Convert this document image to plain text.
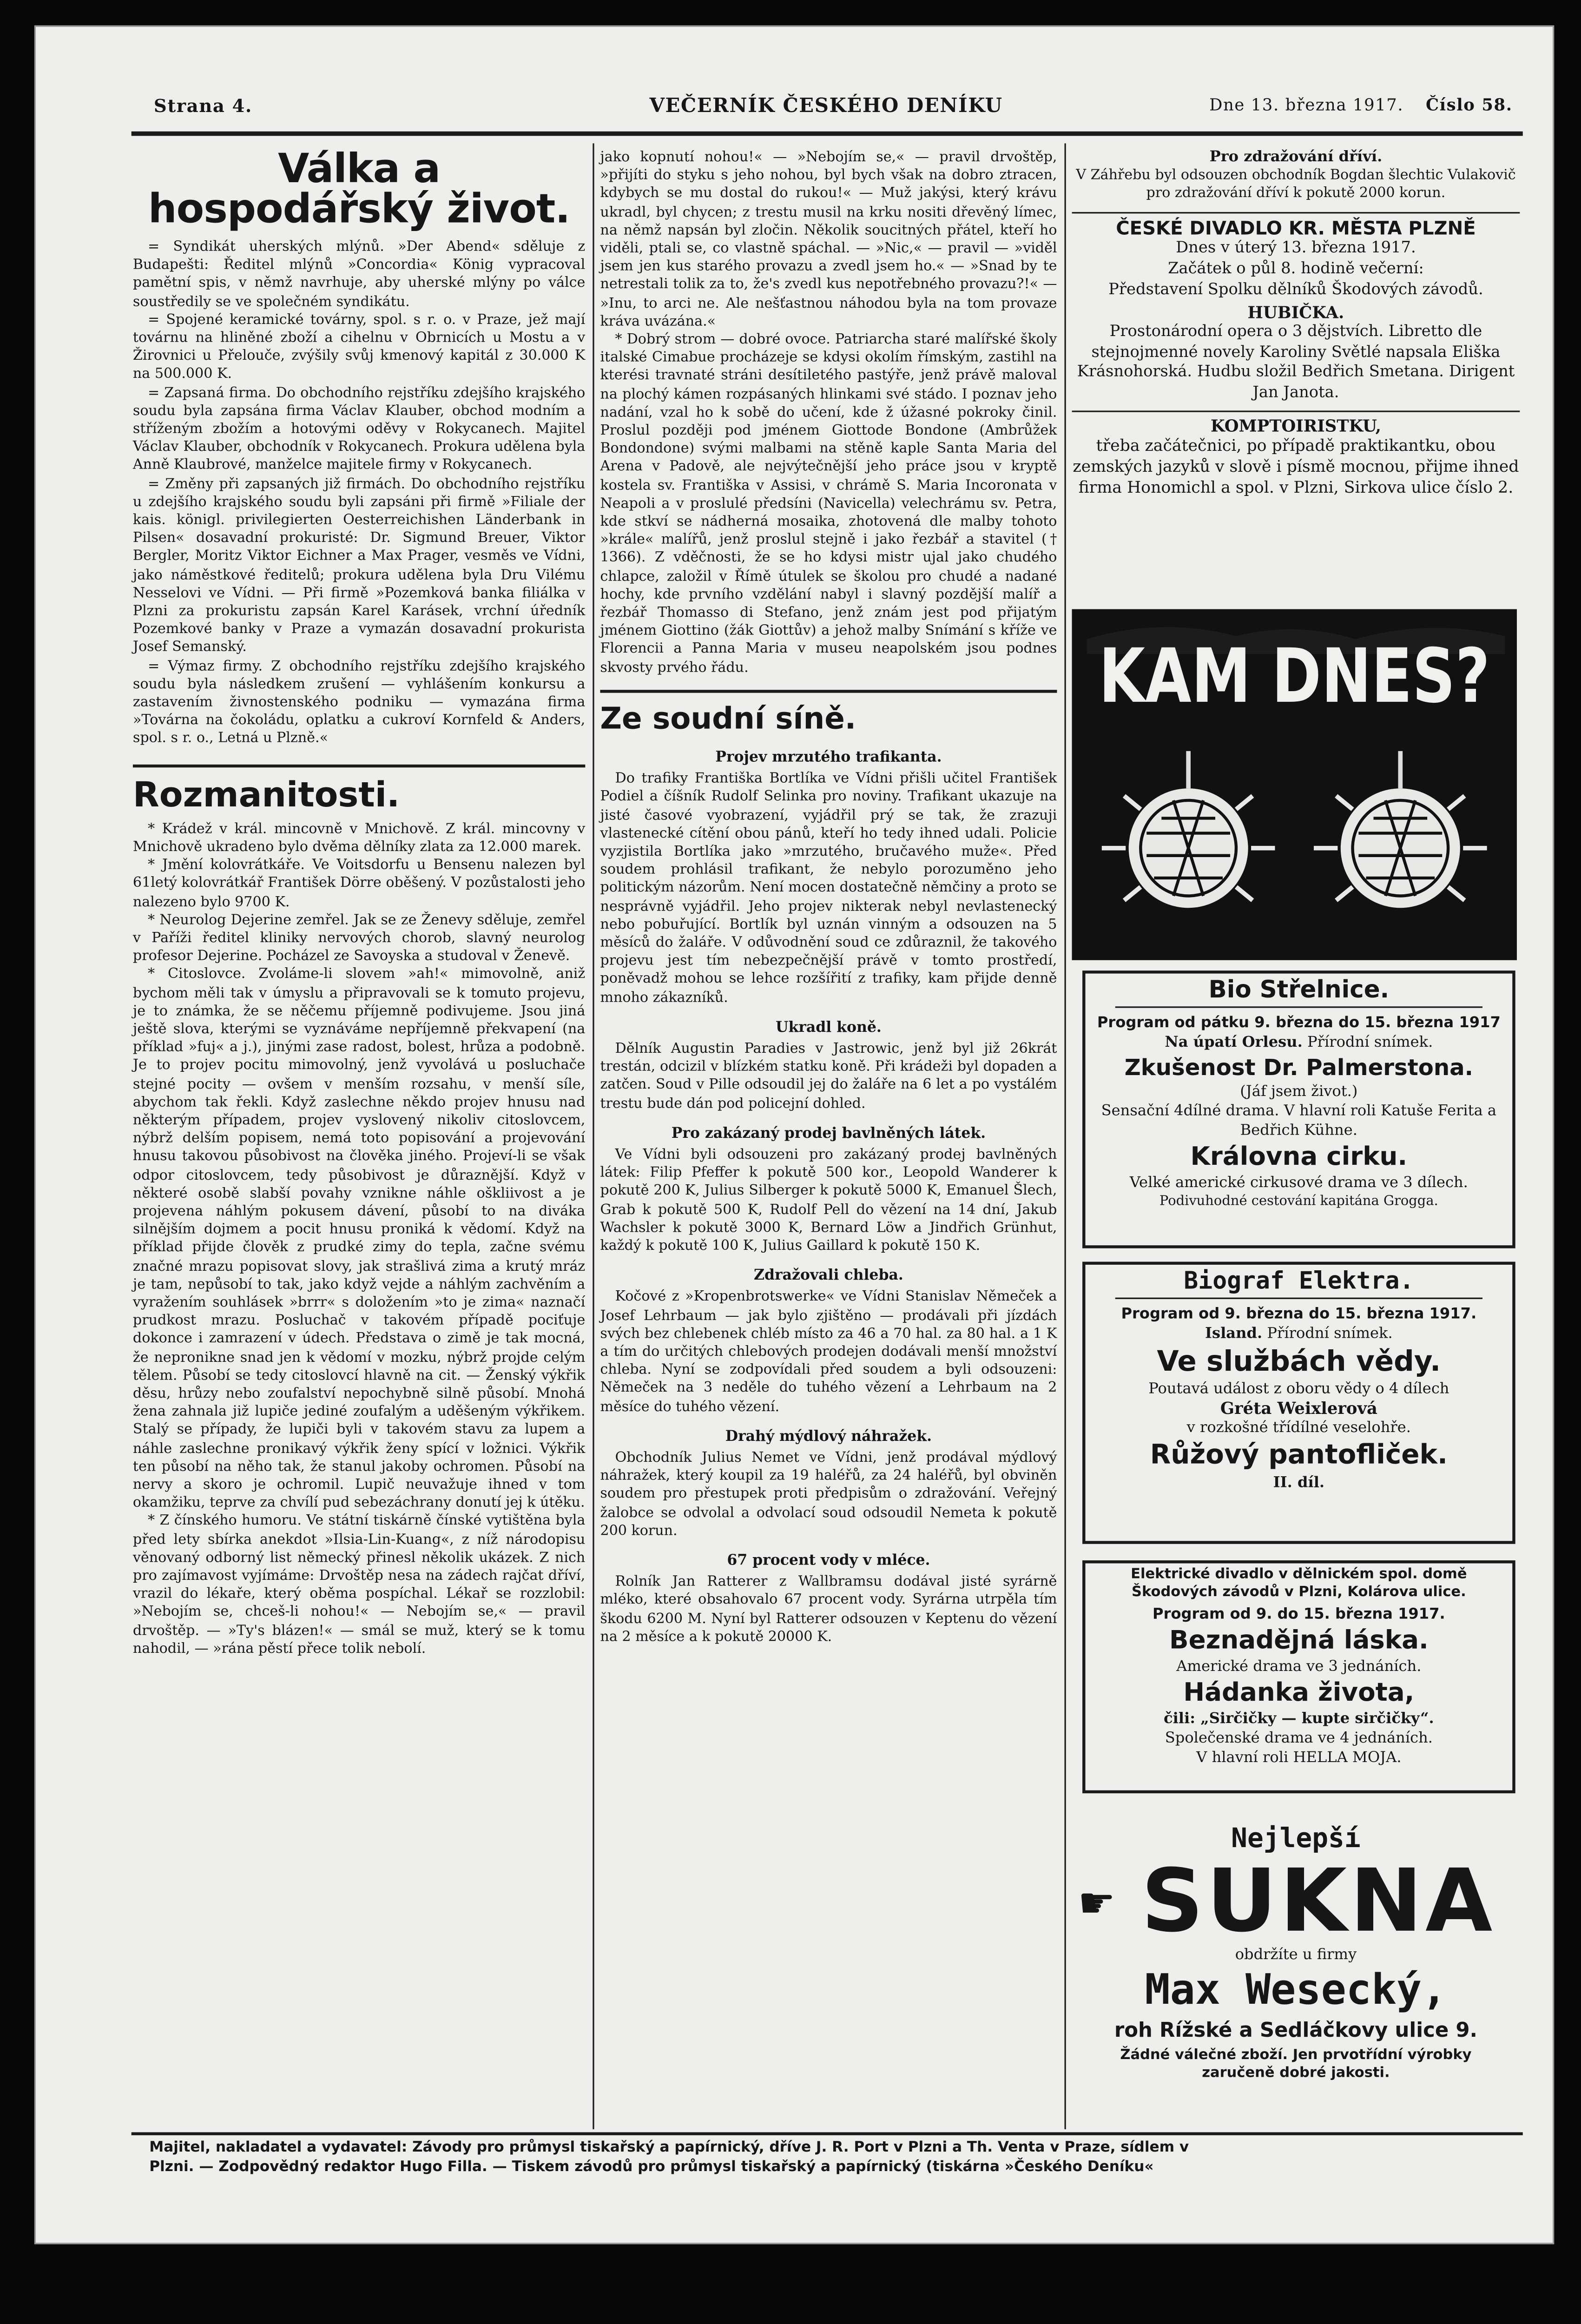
Strana 4.	VEČERNÍK ČESKÉHO DENÍKU	Dne 13. března 1917.	Číslo 58.
Válka a hospodářský život.

= Syndikát uherských mlýnů. »Der Abend« sděluje z Budapešti: Ředitel mlýnů »Concordia« König vypracoval pamětní spis, v němž navrhuje, aby uherské mlýny po válce soustředily se ve společném syndikátu.

= Spojené keramické továrny, spol. s r. o. v Praze, jež mají továrnu na hliněné zboží a cihelnu v Obrnicích u Mostu a v Žirovnici u Přelouče, zvýšily svůj kmenový kapitál z 30.000 K na 500.000 K.

= Zapsaná firma. Do obchodního rejstříku zdejšího krajského soudu byla zapsána firma Václav Klauber, obchod modním a stříženým zbožím a hotovými oděvy v Rokycanech. Majitel Václav Klauber, obchodník v Rokycanech. Prokura udělena byla Anně Klaubrové, manželce majitele firmy v Rokycanech.

= Změny při zapsaných již firmách. Do obchodního rejstříku u zdejšího krajského soudu byli zapsáni při firmě »Filiale der kais. königl. privilegierten Oesterreichishen Länderbank in Pilsen« dosavadní prokuristé: Dr. Sigmund Breuer, Viktor Bergler, Moritz Viktor Eichner a Max Prager, vesměs ve Vídni, jako náměstkové ředitelů; prokura udělena byla Dru Vilému Nesselovi ve Vídni. — Při firmě »Pozemková banka filiálka v Plzni za prokuristu zapsán Karel Karásek, vrchní úředník Pozemkové banky v Praze a vymazán dosavadní prokurista Josef Semanský.

= Výmaz firmy. Z obchodního rejstříku zdejšího krajského soudu byla následkem zrušení — vyhlášením konkursu a zastavením živnostenského podniku — vymazána firma »Továrna na čokoládu, oplatku a cukroví Kornfeld & Anders, spol. s r. o., Letná u Plzně.«

Rozmanitosti.

* Krádež v král. mincovně v Mnichově. Z král. mincovny v Mnichově ukradeno bylo dvěma dělníky zlata za 12.000 marek.

* Jmění kolovrátkáře. Ve Voitsdorfu u Bensenu nalezen byl 61letý kolovrátkář František Dörre oběšený. V pozůstalosti jeho nalezeno bylo 9700 K.

* Neurolog Dejerine zemřel. Jak se ze Ženevy sděluje, zemřel v Paříži ředitel kliniky nervových chorob, slavný neurolog profesor Dejerine. Pocházel ze Savoyska a studoval v Ženevě.

* Citoslovce. Zvoláme-li slovem »ah!« mimovolně, aniž bychom měli tak v úmyslu a připravovali se k tomuto projevu, je to známka, že se něčemu příjemně podivujeme. Jsou jiná ještě slova, kterými se vyznáváme nepříjemně překvapení (na příklad »fuj« a j.), jinými zase radost, bolest, hrůza a podobně. Je to projev pocitu mimovolný, jenž vyvolává u posluchače stejné pocity — ovšem v menším rozsahu, v menší síle, abychom tak řekli. Když zaslechne někdo projev hnusu nad některým případem, projev vyslovený nikoliv citoslovcem, nýbrž delším popisem, nemá toto popisování a projevování hnusu takovou působivost na člověka jiného. Projeví-li se však odpor citoslovcem, tedy působivost je důraznější. Když v některé osobě slabší povahy vznikne náhle oškliivost a je projevena náhlým pokusem dávení, působí to na divákа silnějším dojmem a pocit hnusu proniká k vědomí. Když na příklad přijde člověk z prudké zimy do tepla, začne svému značné mrazu popisovat slovy, jak strašlivá zima a krutý mráz je tam, nepůsobí to tak, jako když vejde a náhlým zachvěním a vyražením souhlásek »brrr« s doložením »to je zima« naznačí prudkost mrazu. Posluchač v takovém případě pociťuje dokonce i zamrazení v údech. Představa o zimě je tak mocná, že nepronikne snad jen k vědomí v mozku, nýbrž projde celým tělem. Působí se tedy citoslovcí hlavně na cit. — Ženský výkřik děsu, hrůzy nebo zoufalství nepochybně silně působí. Mnohá žena zahnala již lupiče jediné zoufalým a uděšeným výkřikem. Stalý se případy, že lupiči byli v takovém stavu za lupem a náhle zaslechne pronikavý výkřik ženy spící v ložnici. Výkřik ten působí na něho tak, že stanul jakoby ochromen. Působí na nervy a skoro je ochromil. Lupič neuvažuje ihned v tom okamžiku, teprve za chvílí pud sebezáchrany donutí jej k útěku.

* Z čínského humoru. Ve státní tiskárně čínské vytištěna byla před lety sbírka anekdot »Ilsia-Lin-Kuang«, z níž národopisu věnovaný odborný list německý přinesl několik ukázek. Z nich pro zajímavost vyjímáme: Drvoštěp nesa na zádech rajčat dříví, vrazil do lékaře, který oběma pospíchal. Lékař se rozzlobil: »Nebojím se, chceš-li nohou!« — Nebojím se,« — pravil drvoštěp. — »Ty's blázen!« — smál se muž, který se k tomu nahodil, — »rána pěstí přece tolik nebolí.

jako kopnutí nohou!« — »Nebojím se,« — pravil drvoštěp, »přijíti do styku s jeho nohou, byl bych však na dobro ztracen, kdybych se mu dostal do rukou!« — Muž jakýsi, který krávu ukradl, byl chycen; z trestu musil na krku nositi dřevěný límec, na němž napsán byl zločin. Několik soucitných přátel, kteří ho viděli, ptali se, co vlastně spáchal. — »Nic,« — pravil — »viděl jsem jen kus starého provazu a zvedl jsem ho.« — »Snad by te netrestali tolik za to, že's zvedl kus nepotřebného provazu?!« — »Inu, to arci ne. Ale nešťastnou náhodou byla na tom provaze kráva uvázána.«

* Dobrý strom — dobré ovoce. Patriarcha staré malířské školy italské Cimabue procházeje se kdysi okolím římským, zastihl na kterési travnaté stráni desítiletého pastýře, jenž právě maloval na plochý kámen rozpásaných hlinkami své stádo. I poznav jeho nadání, vzal ho k sobě do učení, kde ž úžasné pokroky činil. Proslul později pod jménem Giottode Bondone (Ambrůžek Bondondone) svými malbami na stěně kaple Santa Maria del Arena v Padově, ale nejvýtečnější jeho práce jsou v kryptě kostela sv. Františka v Assisi, v chrámě S. Maria Incoronata v Neapoli a v proslulé předsíni (Navicella) velechrámu sv. Petra, kde stkví se nádherná mosaika, zhotovená dle malby tohoto »krále« malířů, jenž proslul stejně i jako řezbář a stavitel († 1366). Z vděčnosti, že se ho kdysi mistr ujal jako chudého chlapce, založil v Římě útulek se školou pro chudé a nadané hochy, kde prvního vzdělání nabyl i slavný pozdější malíř a řezbář Thomasso di Stefano, jenž znám jest pod přijatým jménem Giottino (žák Giottův) a jehož malby Snímání s kříže ve Florencii a Panna Maria v museu neapolském jsou podnes skvosty prvého řádu.

Ze soudní síně.
Projev mrzutého trafikanta.

Do trafiky Františka Bortlíka ve Vídni přišli učitel František Podiel a číšník Rudolf Selinka pro noviny. Trafikant ukazuje na jisté časové vyobrazení, vyjádřil prý se tak, že zrazuji vlastenecké cítění obou pánů, kteří ho tedy ihned udali. Policie vyzjistila Bortlíka jako »mrzutého, bručavého muže«. Před soudem prohlásil trafikant, že nebylo porozuměno jeho politickým názorům. Není mocen dostatečně němčiny a proto se nesprávně vyjádřil. Jeho projev nikterak nebyl nevlastenecký nebo pobuřující. Bortlík byl uznán vinným a odsouzen na 5 měsíců do žaláře. V odůvodnění soud ce zdůraznil, že takového projevu jest tím nebezpečnější právě v tomto prostředí, poněvadž mohou se lehce rozšířití z trafiky, kam přijde denně mnoho zákazníků.

Ukradl koně.

Dělník Augustin Paradies v Jastrowic, jenž byl již 26krát trestán, odcizil v blízkém statku koně. Při krádeži byl dopaden a zatčen. Soud v Pille odsoudil jej do žaláře na 6 let a po vystálém trestu bude dán pod policejní dohled.

Pro zakázaný prodej bavlněných látek.

Ve Vídni byli odsouzeni pro zakázaný prodej bavlněných látek: Filip Pfeffer k pokutě 500 kor., Leopold Wanderer k pokutě 200 K, Julius Silberger k pokutě 5000 K, Emanuel Šlech, Grab k pokutě 500 K, Rudolf Pell do vězení na 14 dní, Jakub Wachsler k pokutě 3000 K, Bernard Löw a Jindřich Grünhut, každý k pokutě 100 K, Julius Gaillard k pokutě 150 K.

Zdražovali chleba.

Kočové z »Kropenbrotswerke« ve Vídni Stanislav Němeček a Josef Lehrbaum — jak bylo zjištěno — prodávali při jízdách svých bez chlebenek chléb místo za 46 a 70 hal. za 80 hal. a 1 K a tím do určitých chlebových prodejen dodávali menší množství chleba. Nyní se zodpovídali před soudem a byli odsouzeni: Němeček na 3 neděle do tuhého vězení a Lehrbaum na 2 měsíce do tuhého vězení.

Drahý mýdlový náhražek.

Obchodník Julius Nemet ve Vídni, jenž prodával mýdlový náhražek, který koupil za 19 haléřů, za 24 haléřů, byl obviněn soudem pro přestupek proti předpisům o zdražování. Veřejný žalobce se odvolal a odvolací soud odsoudil Nemeta k pokutě 200 korun.

67 procent vody v mléce.

Rolník Jan Ratterer z Wallbramsu dodával jisté syrárně mléko, které obsahovalo 67 procent vody. Syrárna utrpěla tím škodu 6200 M. Nyní byl Ratterer odsouzen v Keptenu do vězení na 2 měsíce a k pokutě 20000 K.

Pro zdražování dříví.

V Záhřebu byl odsouzen obchodník Bogdan šlechtic Vulakovič pro zdražování dříví k pokutě 2000 korun.

ČESKÉ DIVADLO KR. MĚSTA PLZNĚ
Dnes v úterý 13. března 1917.
Začátek o půl 8. hodině večerní:
Představení Spolku dělníků Škodových závodů.
HUBIČKA.
Prostonárodní opera o 3 dějstvích. Libretto dle stejnojmenné novely Karoliny Světlé napsala Eliška Krásnohorská. Hudbu složil Bedřich Smetana. Dirigent Jan Janota.
KOMPTOIRISTKU,
třeba začátečnici, po případě praktikantku, obou zemských jazyků v slově i písmě mocnou, přijme ihned firma Honomichl a spol. v Plzni, Sirkova ulice číslo 2.
KAM DNES?

Bio Střelnice.

Program od pátku 9. března do 15. března 1917

Na úpatí Orlesu. Přírodní snímek.

Zkušenost Dr. Palmerstona.

(Jáf jsem život.)

Sensační 4dílné drama. V hlavní roli Katuše Ferita a Bedřich Kühne.

Královna cirku.

Velké americké cirkusové drama ve 3 dílech.

Podivuhodné cestování kapitána Grogga.

Biograf Elektra.

Program od 9. března do 15. března 1917.

Island. Přírodní snímek.

Ve službách vědy.

Poutavá událost z oboru vědy o 4 dílech

Gréta Weixlerová

v rozkošné třídílné veselohře.

Růžový pantofliček.

II. díl.

Elektrické divadlo v dělnickém spol. domě Škodových závodů v Plzni, Kolárova ulice.

Program od 9. do 15. března 1917.

Beznadějná láska.

Americké drama ve 3 jednáních.

Hádanka života,

čili: „Sirčičky — kupte sirčičky“.

Společenské drama ve 4 jednáních.

V hlavní roli HELLA MOJA.

Nejlepší
☛ SUKNA
obdržíte u firmy
Max Wesecký,
roh Rížské a Sedláčkovy ulice 9.
Žádné válečné zboží. Jen prvotřídní výrobky zaručeně dobré jakosti.
Majitel, nakladatel a vydavatel: Závody pro průmysl tiskařský a papírnický, dříve J. R. Port v Plzni a Th. Venta v Praze, sídlem v
Plzni. — Zodpovědný redaktor Hugo Filla. — Tiskem závodů pro průmysl tiskařský a papírnický (tiskárna »Českého Deníku«
